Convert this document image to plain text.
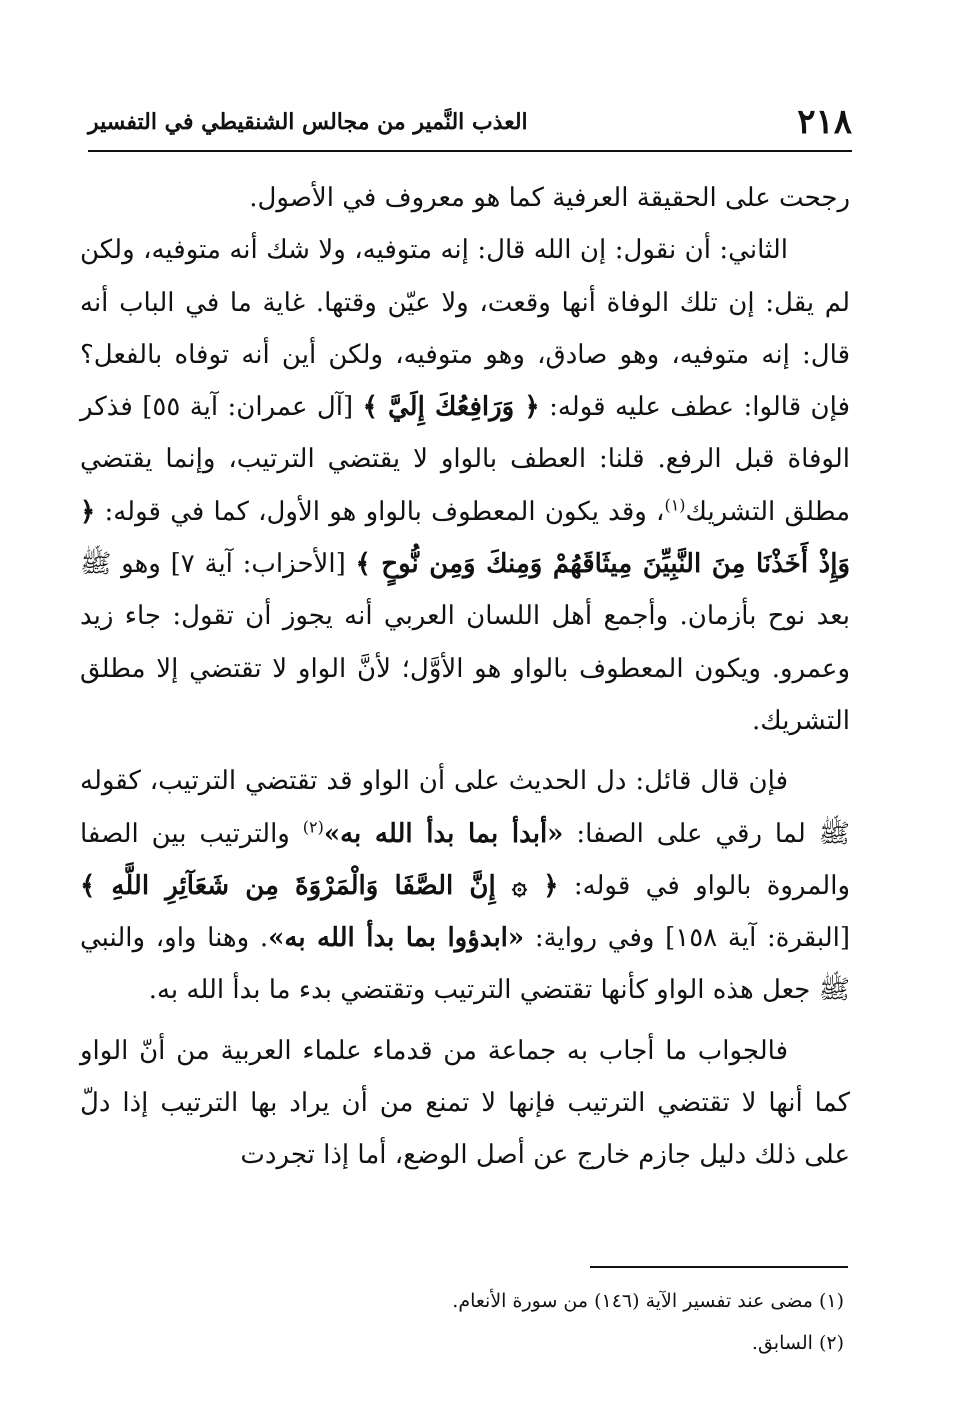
٢١٨
العذب النَّمير من مجالس الشنقيطي في التفسير

رجحت على الحقيقة العرفية كما هو معروف في الأصول.

الثاني: أن نقول: إن الله قال: إنه متوفيه، ولا شك أنه متوفيه، ولكن لم يقل: إن تلك الوفاة أنها وقعت، ولا عيّن وقتها. غاية ما في الباب أنه قال: إنه متوفيه، وهو صادق، وهو متوفيه، ولكن أين أنه توفاه بالفعل؟ فإن قالوا: عطف عليه قوله: ﴿ وَرَافِعُكَ إِلَيَّ ﴾ [آل عمران: آية ٥٥] فذكر الوفاة قبل الرفع. قلنا: العطف بالواو لا يقتضي الترتيب، وإنما يقتضي مطلق التشريك$^{(١)}$، وقد يكون المعطوف بالواو هو الأول، كما في قوله: ﴿ وَإِذْ أَخَذْنَا مِنَ النَّبِيِّنَ مِيثَاقَهُمْ وَمِنكَ وَمِن نُّوحٍ ﴾ [الأحزاب: آية ٧] وهو ﷺ بعد نوح بأزمان. وأجمع أهل اللسان العربي أنه يجوز أن تقول: جاء زيد وعمرو. ويكون المعطوف بالواو هو الأوَّل؛ لأنَّ الواو لا تقتضي إلا مطلق التشريك.

فإن قال قائل: دل الحديث على أن الواو قد تقتضي الترتيب، كقوله ﷺ لما رقي على الصفا: «أبدأ بما بدأ الله به»$^{(٢)}$ والترتيب بين الصفا والمروة بالواو في قوله: ﴿ ۞ إِنَّ الصَّفَا وَالْمَرْوَةَ مِن شَعَآئِرِ اللَّهِ ﴾ [البقرة: آية ١٥٨] وفي رواية: «ابدؤوا بما بدأ الله به». وهنا واو، والنبي ﷺ جعل هذه الواو كأنها تقتضي الترتيب وتقتضي بدء ما بدأ الله به.

فالجواب ما أجاب به جماعة من قدماء علماء العربية من أنّ الواو كما أنها لا تقتضي الترتيب فإنها لا تمنع من أن يراد بها الترتيب إذا دلّ على ذلك دليل جازم خارج عن أصل الوضع، أما إذا تجردت

(١) مضى عند تفسير الآية (١٤٦) من سورة الأنعام.

(٢) السابق.
